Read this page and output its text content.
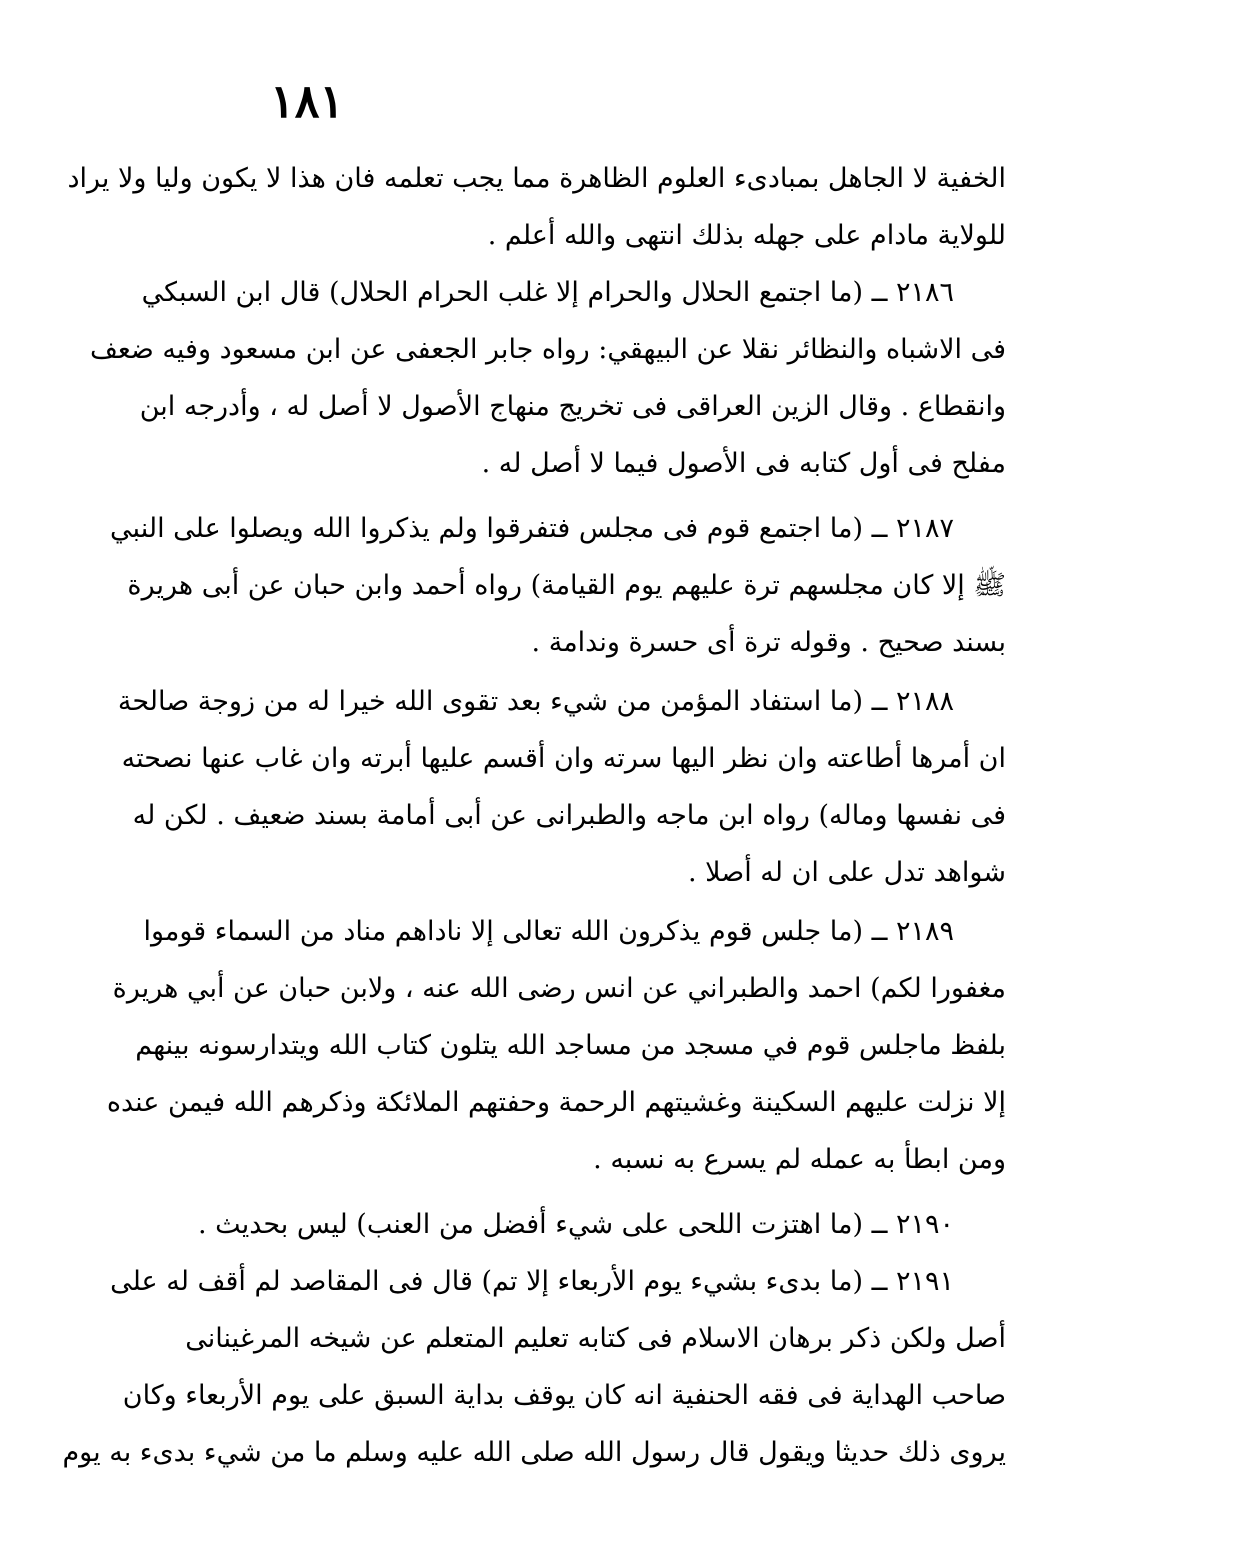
١٨١
الخفية لا الجاهل بمبادىء العلوم الظاهرة مما يجب تعلمه فان هذا لا يكون وليا ولا يراد
للولاية مادام على جهله بذلك انتهى والله أعلم .
٢١٨٦ ــ (ما اجتمع الحلال والحرام إلا غلب الحرام الحلال) قال ابن السبكي
فى الاشباه والنظائر نقلا عن البيهقي: رواه جابر الجعفى عن ابن مسعود وفيه ضعف
وانقطاع . وقال الزين العراقى فى تخريج منهاج الأصول لا أصل له ، وأدرجه ابن
مفلح فى أول كتابه فى الأصول فيما لا أصل له .
٢١٨٧ ــ (ما اجتمع قوم فى مجلس فتفرقوا ولم يذكروا الله ويصلوا على النبي
ﷺ إلا كان مجلسهم ترة عليهم يوم القيامة) رواه أحمد وابن حبان عن أبى هريرة
بسند صحيح . وقوله ترة أى حسرة وندامة .
٢١٨٨ ــ (ما استفاد المؤمن من شيء بعد تقوى الله خيرا له من زوجة صالحة
ان أمرها أطاعته وان نظر اليها سرته وان أقسم عليها أبرته وان غاب عنها نصحته
فى نفسها وماله) رواه ابن ماجه والطبرانى عن أبى أمامة بسند ضعيف . لكن له
شواهد تدل على ان له أصلا .
٢١٨٩ ــ (ما جلس قوم يذكرون الله تعالى إلا ناداهم مناد من السماء قوموا
مغفورا لكم) احمد والطبراني عن انس رضى الله عنه ، ولابن حبان عن أبي هريرة
بلفظ ماجلس قوم في مسجد من مساجد الله يتلون كتاب الله ويتدارسونه بينهم
إلا نزلت عليهم السكينة وغشيتهم الرحمة وحفتهم الملائكة وذكرهم الله فيمن عنده
ومن ابطأ به عمله لم يسرع به نسبه .
٢١٩٠ ــ (ما اهتزت اللحى على شيء أفضل من العنب) ليس بحديث .
٢١٩١ ــ (ما بدىء بشيء يوم الأربعاء إلا تم) قال فى المقاصد لم أقف له على
أصل ولكن ذكر برهان الاسلام فى كتابه تعليم المتعلم عن شيخه المرغينانى
صاحب الهداية فى فقه الحنفية انه كان يوقف بداية السبق على يوم الأربعاء وكان
يروى ذلك حديثا ويقول قال رسول الله صلى الله عليه وسلم ما من شيء بدىء به يوم
